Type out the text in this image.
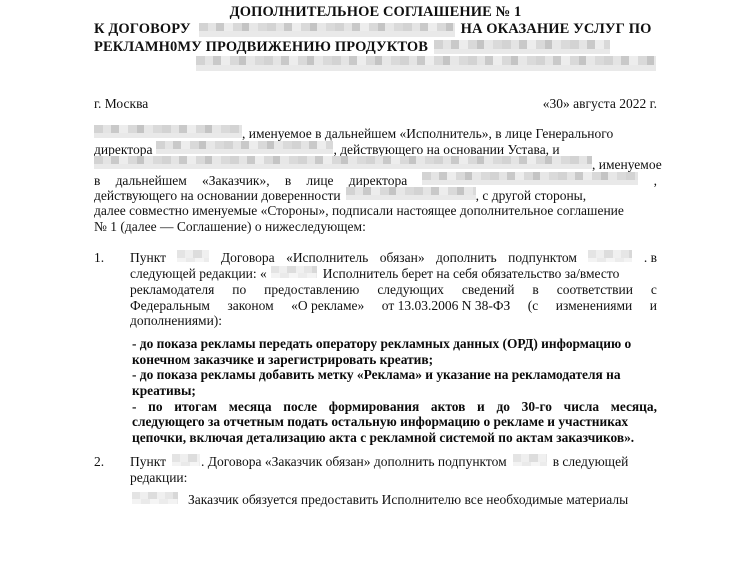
ДОПОЛНИТЕЛЬНОЕ СОГЛАШЕНИЕ № 1
К ДОГОВОРУ	НА ОКАЗАНИЕ УСЛУГ ПО
РЕКЛАМН0МУ ПРОДВИЖЕНИЮ ПРОДУКТОВ
г. Москва	«30» августа 2022 г.
, именуемое в дальнейшем «Исполнитель», в лице Генерального
директора	, действующего на основании Устава, и
, именуемое
в дальнейшем «Заказчик», в лице директора	,
действующего на основании доверенности	, с другой стороны,
далее совместно именуемые «Стороны», подписали настоящее дополнительное соглашение
№ 1 (далее — Соглашение) о нижеследующем:
1.	Пункт	Договора «Исполнитель обязан» дополнить подпунктом	. в
следующей редакции: «	Исполнитель берет на себя обязательство за/вместо
рекламодателя по предоставлению следующих сведений в соответствии с
Федеральным законом «О рекламе» от 13.03.2006 N 38-ФЗ (с изменениями и
дополнениями):
- до показа рекламы передать оператору рекламных данных (ОРД) информацию о
конечном заказчике и зарегистрировать креатив;
- до показа рекламы добавить метку «Реклама» и указание на рекламодателя на
креативы;
- по итогам месяца после формирования актов и до 30-го числа месяца,
следующего за отчетным подать остальную информацию о рекламе и участниках
цепочки, включая детализацию акта с рекламной системой по актам заказчиков».
2.	Пункт	. Договора «Заказчик обязан» дополнить подпунктом	в следующей
редакции:
Заказчик обязуется предоставить Исполнителю все необходимые материалы
